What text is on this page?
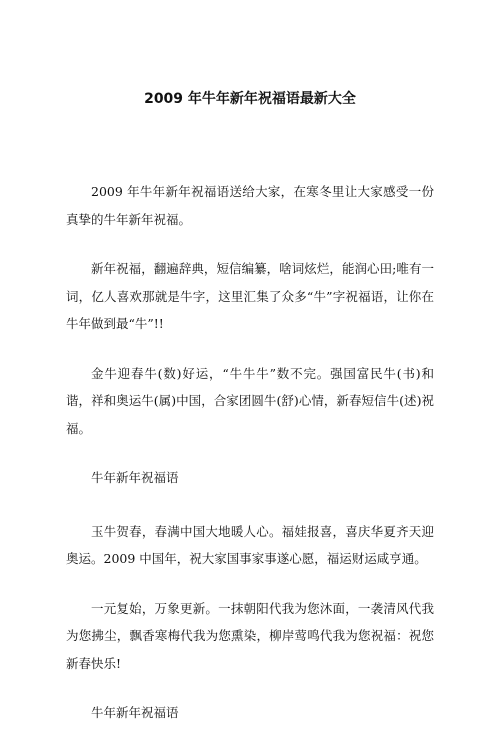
2009 年牛年新年祝福语最新大全

2009 年牛年新年祝福语送给大家，在寒冬里让大家感受一份真挚的牛年新年祝福。

新年祝福，翻遍辞典，短信编纂，啥词炫烂，能润心田;唯有一词，亿人喜欢那就是牛字，这里汇集了众多“牛”字祝福语，让你在牛年做到最“牛”!!

金牛迎春牛(数)好运，“牛牛牛”数不完。强国富民牛(书)和谐，祥和奥运牛(属)中国，合家团圆牛(舒)心情，新春短信牛(述)祝福。

牛年新年祝福语

玉牛贺春，春满中国大地暖人心。福娃报喜，喜庆华夏齐天迎奥运。2009 中国年，祝大家国事家事遂心愿，福运财运咸亨通。

一元复始，万象更新。一抹朝阳代我为您沐面，一袭清风代我为您拂尘，飘香寒梅代我为您熏染，柳岸莺鸣代我为您祝福：祝您新春快乐!

牛年新年祝福语
